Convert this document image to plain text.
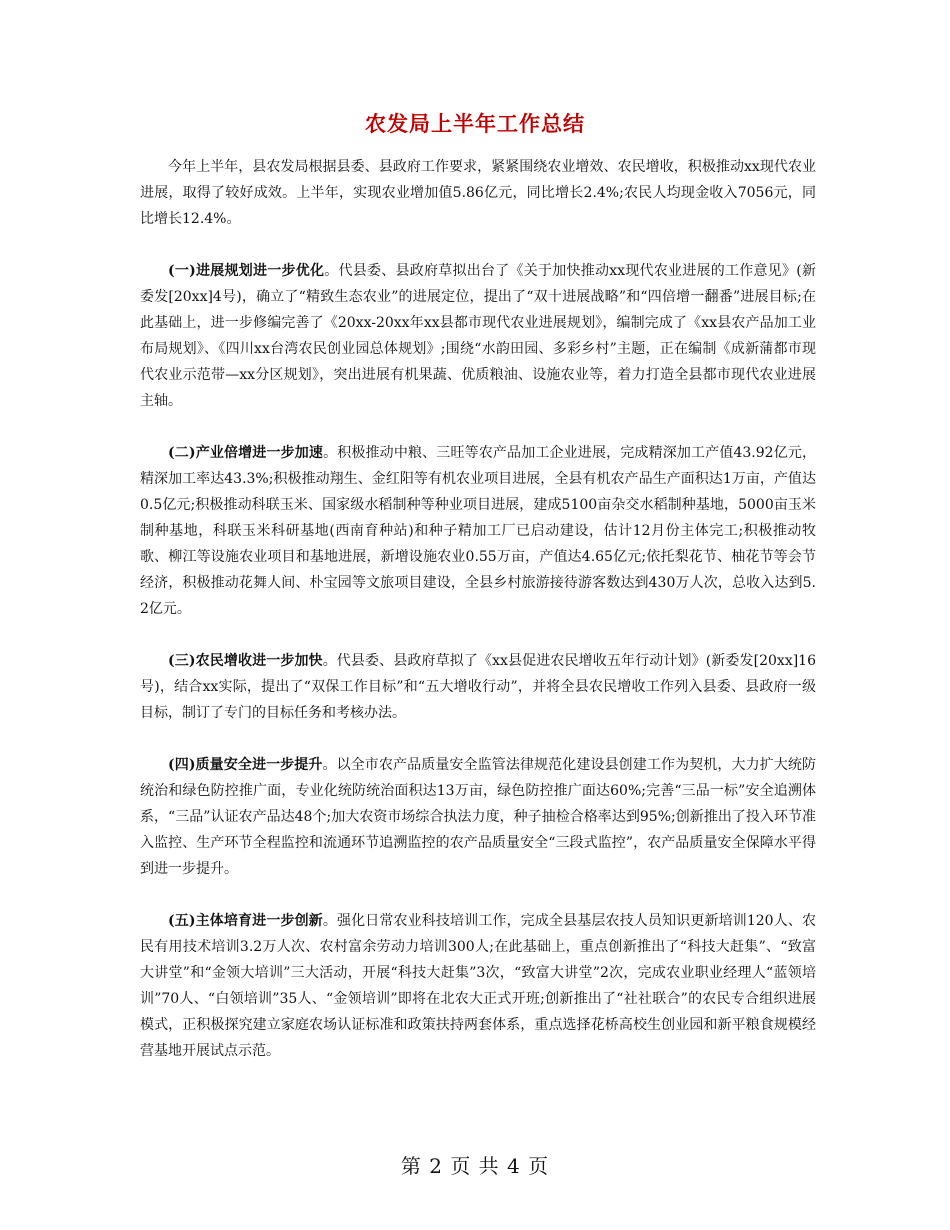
农发局上半年工作总结

今年上半年，县农发局根据县委、县政府工作要求，紧紧围绕农业增效、农民增收，积极推动xx现代农业进展，取得了较好成效。上半年，实现农业增加值5.86亿元，同比增长2.4%;农民人均现金收入7056元，同比增长12.4%。

(一)进展规划进一步优化。代县委、县政府草拟出台了《关于加快推动xx现代农业进展的工作意见》(新委发[20xx]4号)，确立了“精致生态农业”的进展定位，提出了“双十进展战略”和“四倍增一翻番”进展目标;在此基础上，进一步修编完善了《20xx-20xx年xx县都市现代农业进展规划》，编制完成了《xx县农产品加工业布局规划》、《四川xx台湾农民创业园总体规划》;围绕“水韵田园、多彩乡村”主题，正在编制《成新蒲都市现代农业示范带—xx分区规划》，突出进展有机果蔬、优质粮油、设施农业等，着力打造全县都市现代农业进展主轴。

(二)产业倍增进一步加速。积极推动中粮、三旺等农产品加工企业进展，完成精深加工产值43.92亿元，精深加工率达43.3%;积极推动翔生、金红阳等有机农业项目进展，全县有机农产品生产面积达1万亩，产值达0.5亿元;积极推动科联玉米、国家级水稻制种等种业项目进展，建成5100亩杂交水稻制种基地，5000亩玉米制种基地，科联玉米科研基地(西南育种站)和种子精加工厂已启动建设，估计12月份主体完工;积极推动牧歌、柳江等设施农业项目和基地进展，新增设施农业0.55万亩，产值达4.65亿元;依托梨花节、柚花节等会节经济，积极推动花舞人间、朴宝园等文旅项目建设，全县乡村旅游接待游客数达到430万人次，总收入达到5.2亿元。

(三)农民增收进一步加快。代县委、县政府草拟了《xx县促进农民增收五年行动计划》(新委发[20xx]16号)，结合xx实际，提出了“双保工作目标”和“五大增收行动”，并将全县农民增收工作列入县委、县政府一级目标，制订了专门的目标任务和考核办法。

(四)质量安全进一步提升。以全市农产品质量安全监管法律规范化建设县创建工作为契机，大力扩大统防统治和绿色防控推广面，专业化统防统治面积达13万亩，绿色防控推广面达60%;完善“三品一标”安全追溯体系，“三品”认证农产品达48个;加大农资市场综合执法力度，种子抽检合格率达到95%;创新推出了投入环节准入监控、生产环节全程监控和流通环节追溯监控的农产品质量安全“三段式监控”，农产品质量安全保障水平得到进一步提升。

(五)主体培育进一步创新。强化日常农业科技培训工作，完成全县基层农技人员知识更新培训120人、农民有用技术培训3.2万人次、农村富余劳动力培训300人;在此基础上，重点创新推出了“科技大赶集”、“致富大讲堂”和“金领大培训”三大活动，开展“科技大赶集”3次，“致富大讲堂”2次，完成农业职业经理人“蓝领培训”70人、“白领培训”35人、“金领培训”即将在北农大正式开班;创新推出了“社社联合”的农民专合组织进展模式，正积极探究建立家庭农场认证标准和政策扶持两套体系，重点选择花桥高校生创业园和新平粮食规模经营基地开展试点示范。

第 2 页 共 4 页
